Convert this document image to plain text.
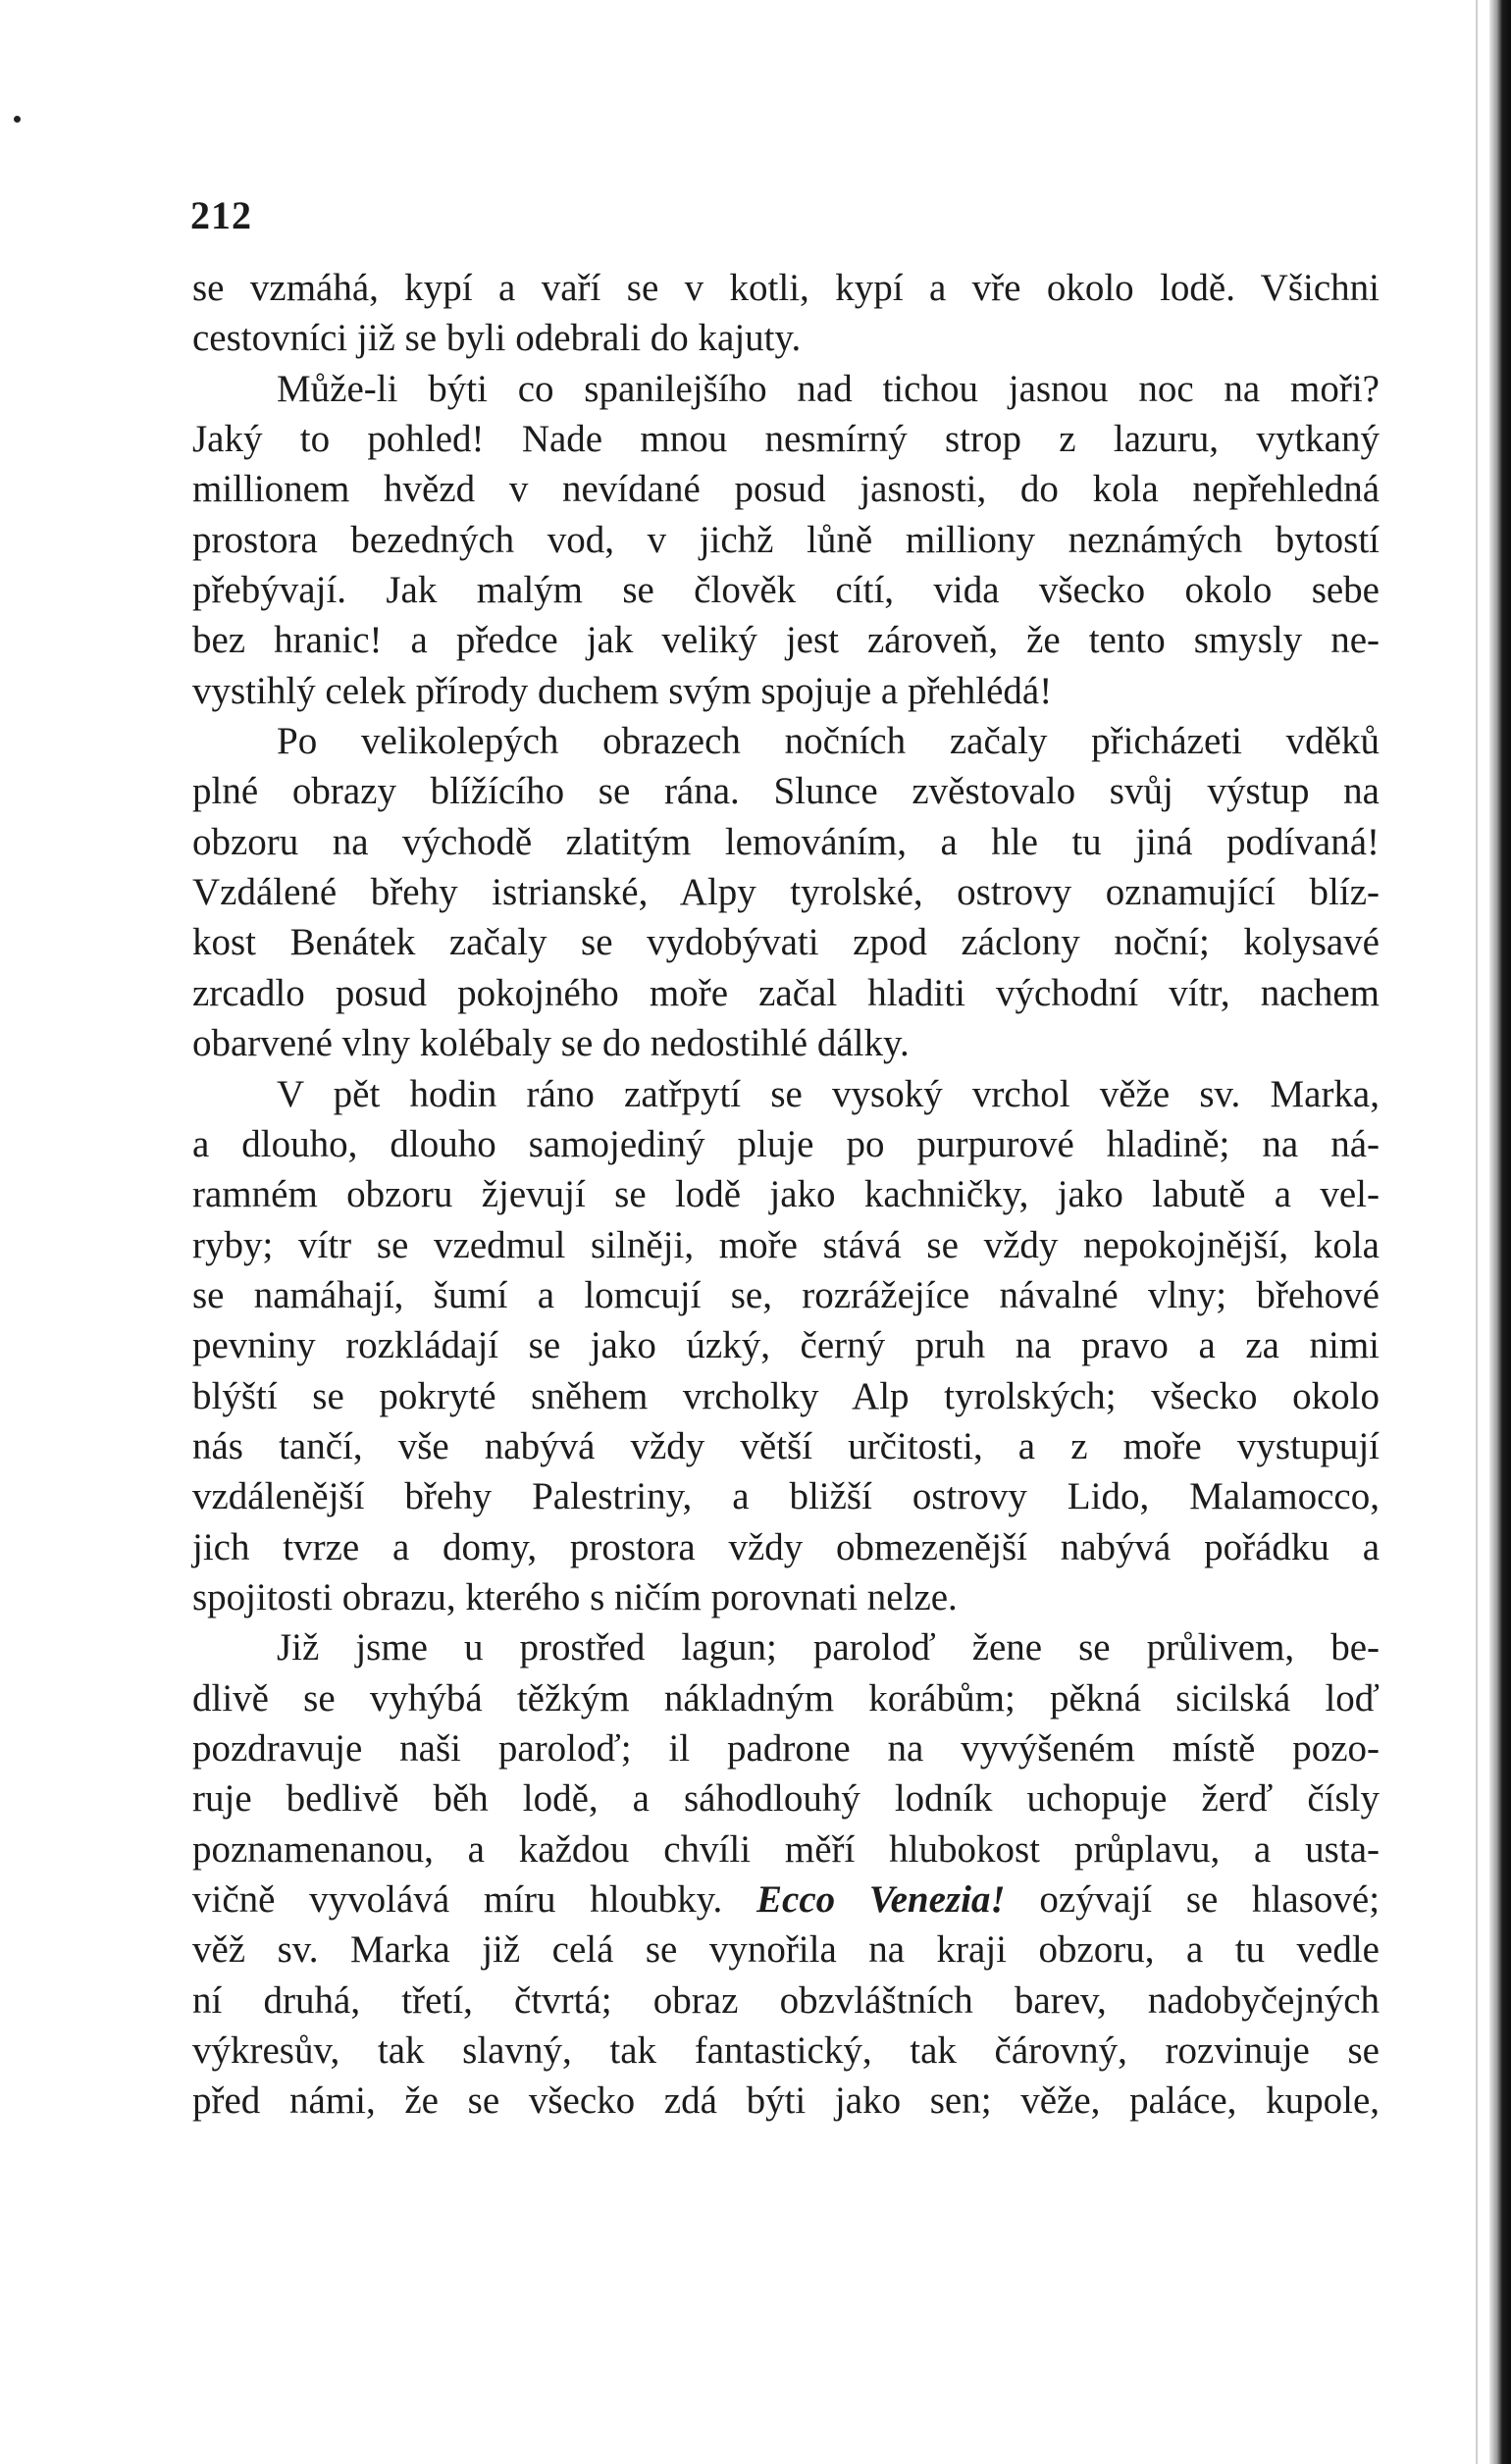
212
se vzmáhá, kypí a vaří se v kotli, kypí a vře okolo lodě. Všichni
cestovníci již se byli odebrali do kajuty.
Může-li býti co spanilejšího nad tichou jasnou noc na moři?
Jaký to pohled! Nade mnou nesmírný strop z lazuru, vytkaný
millionem hvězd v nevídané posud jasnosti, do kola nepřehledná
prostora bezedných vod, v jichž lůně milliony neznámých bytostí
přebývají. Jak malým se člověk cítí, vida všecko okolo sebe
bez hranic! a předce jak veliký jest zároveň, že tento smysly ne-
vystihlý celek přírody duchem svým spojuje a přehlédá!
Po velikolepých obrazech nočních začaly přicházeti vděků
plné obrazy blížícího se rána. Slunce zvěstovalo svůj výstup na
obzoru na východě zlatitým lemováním, a hle tu jiná podívaná!
Vzdálené břehy istrianské, Alpy tyrolské, ostrovy oznamující blíz-
kost Benátek začaly se vydobývati zpod záclony noční; kolysavé
zrcadlo posud pokojného moře začal hladiti východní vítr, nachem
obarvené vlny kolébaly se do nedostihlé dálky.
V pět hodin ráno zatřpytí se vysoký vrchol věže sv. Marka,
a dlouho, dlouho samojediný pluje po purpurové hladině; na ná-
ramném obzoru žjevují se lodě jako kachničky, jako labutě a vel-
ryby; vítr se vzedmul silněji, moře stává se vždy nepokojnější, kola
se namáhají, šumí a lomcují se, rozrážejíce návalné vlny; břehové
pevniny rozkládají se jako úzký, černý pruh na pravo a za nimi
blýští se pokryté sněhem vrcholky Alp tyrolských; všecko okolo
nás tančí, vše nabývá vždy větší určitosti, a z moře vystupují
vzdálenější břehy Palestriny, a bližší ostrovy Lido, Malamocco,
jich tvrze a domy, prostora vždy obmezenější nabývá pořádku a
spojitosti obrazu, kterého s ničím porovnati nelze.
Již jsme u prostřed lagun; paroloď žene se průlivem, be-
dlivě se vyhýbá těžkým nákladným korábům; pěkná sicilská loď
pozdravuje naši paroloď; il padrone na vyvýšeném místě pozo-
ruje bedlivě běh lodě, a sáhodlouhý lodník uchopuje žerď čísly
poznamenanou, a každou chvíli měří hlubokost průplavu, a usta-
vičně vyvolává míru hloubky. Ecco Venezia! ozývají se hlasové;
věž sv. Marka již celá se vynořila na kraji obzoru, a tu vedle
ní druhá, třetí, čtvrtá; obraz obzvláštních barev, nadobyčejných
výkresův, tak slavný, tak fantastický, tak čárovný, rozvinuje se
před námi, že se všecko zdá býti jako sen; věže, paláce, kupole,
